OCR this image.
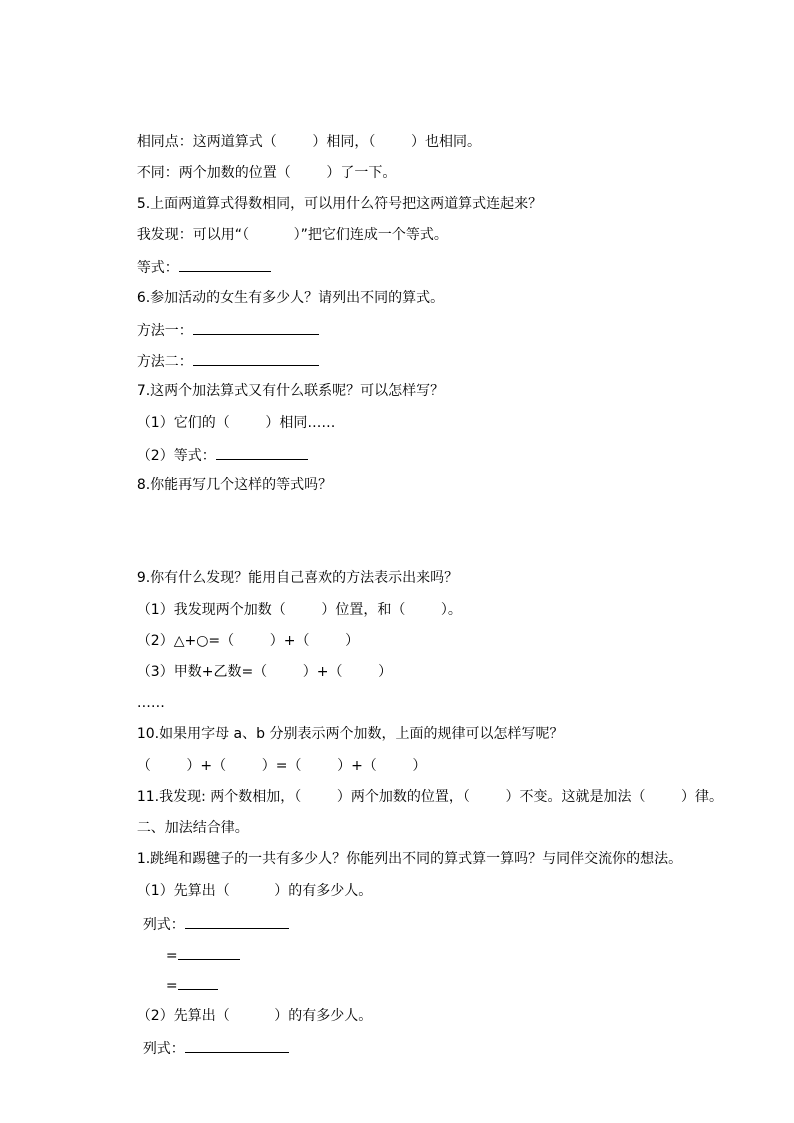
相同点：这两道算式（        ）相同，（        ）也相同。

不同：两个加数的位置（        ）了一下。

5.上面两道算式得数相同，可以用什么符号把这两道算式连起来？

我发现：可以用“（          ）”把它们连成一个等式。

等式：

6.参加活动的女生有多少人？请列出不同的算式。

方法一：

方法二：

7.这两个加法算式又有什么联系呢？可以怎样写？

（1）它们的（        ）相同……

（2）等式：

8.你能再写几个这样的等式吗？

9.你有什么发现？能用自己喜欢的方法表示出来吗？

（1）我发现两个加数（        ）位置，和（        ）。

（2）△+○=（        ）+（        ）

（3）甲数+乙数=（        ）+（        ）

……

10.如果用字母 a、b 分别表示两个加数，上面的规律可以怎样写呢？

（        ）+（        ）=（        ）+（        ）

11.我发现: 两个数相加，（        ）两个加数的位置，（        ）不变。这就是加法（        ）律。

二、加法结合律。

1.跳绳和踢毽子的一共有多少人？你能列出不同的算式算一算吗？与同伴交流你的想法。

（1）先算出（          ）的有多少人。

列式：

=

=

（2）先算出（          ）的有多少人。

列式：
